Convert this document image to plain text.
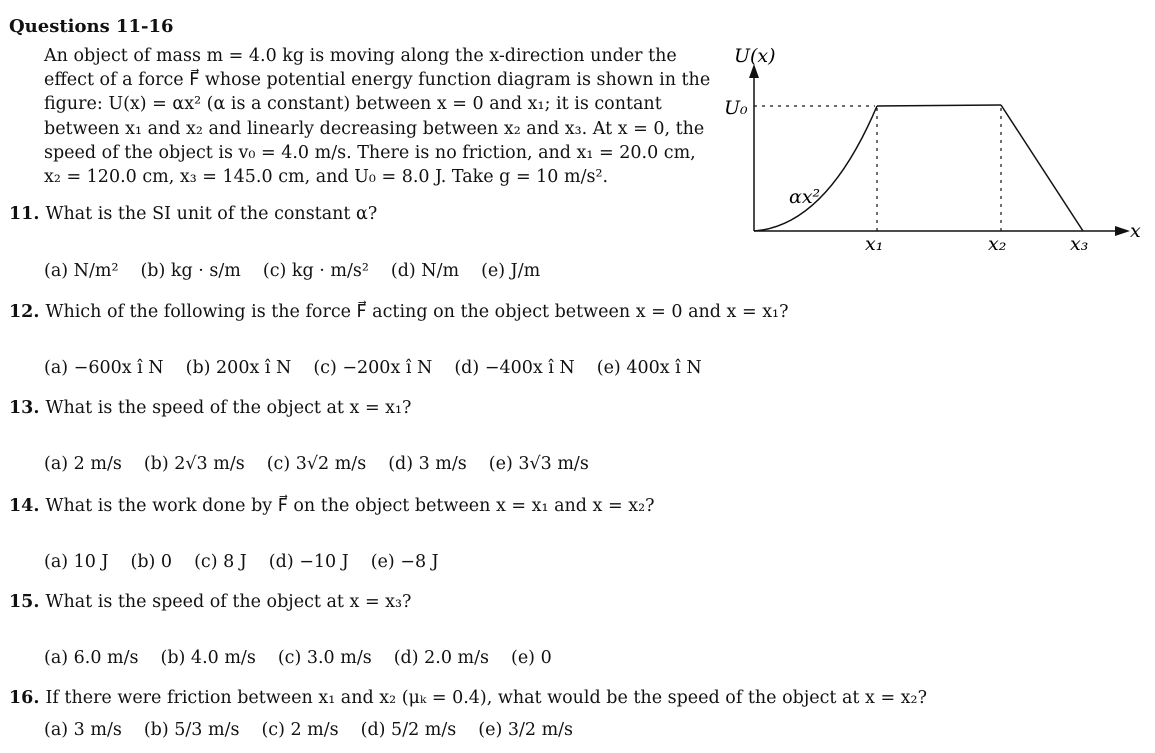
Questions 11-16
An object of mass m = 4.0 kg is moving along the x-direction under the
effect of a force F⃗ whose potential energy function diagram is shown in the
figure: U(x) = αx² (α is a constant) between x = 0 and x₁; it is contant
between x₁ and x₂ and linearly decreasing between x₂ and x₃. At x = 0, the
speed of the object is v₀ = 4.0 m/s. There is no friction, and x₁ = 20.0 cm,
x₂ = 120.0 cm, x₃ = 145.0 cm, and U₀ = 8.0 J. Take g = 10 m/s².
U(x)
U₀
αx²
x₁	x₂	x₃
x
11. What is the SI unit of the constant α?
(a) N/m² (b) kg · s/m (c) kg · m/s² (d) N/m (e) J/m
12. Which of the following is the force F⃗ acting on the object between x = 0 and x = x₁?
(a) −600x î N (b) 200x î N (c) −200x î N (d) −400x î N (e) 400x î N
13. What is the speed of the object at x = x₁?
(a) 2 m/s (b) 2√3 m/s (c) 3√2 m/s (d) 3 m/s (e) 3√3 m/s
14. What is the work done by F⃗ on the object between x = x₁ and x = x₂?
(a) 10 J (b) 0 (c) 8 J (d) −10 J (e) −8 J
15. What is the speed of the object at x = x₃?
(a) 6.0 m/s (b) 4.0 m/s (c) 3.0 m/s (d) 2.0 m/s (e) 0
16. If there were friction between x₁ and x₂ (μₖ = 0.4), what would be the speed of the object at x = x₂?
(a) 3 m/s (b) 5/3 m/s (c) 2 m/s (d) 5/2 m/s (e) 3/2 m/s
